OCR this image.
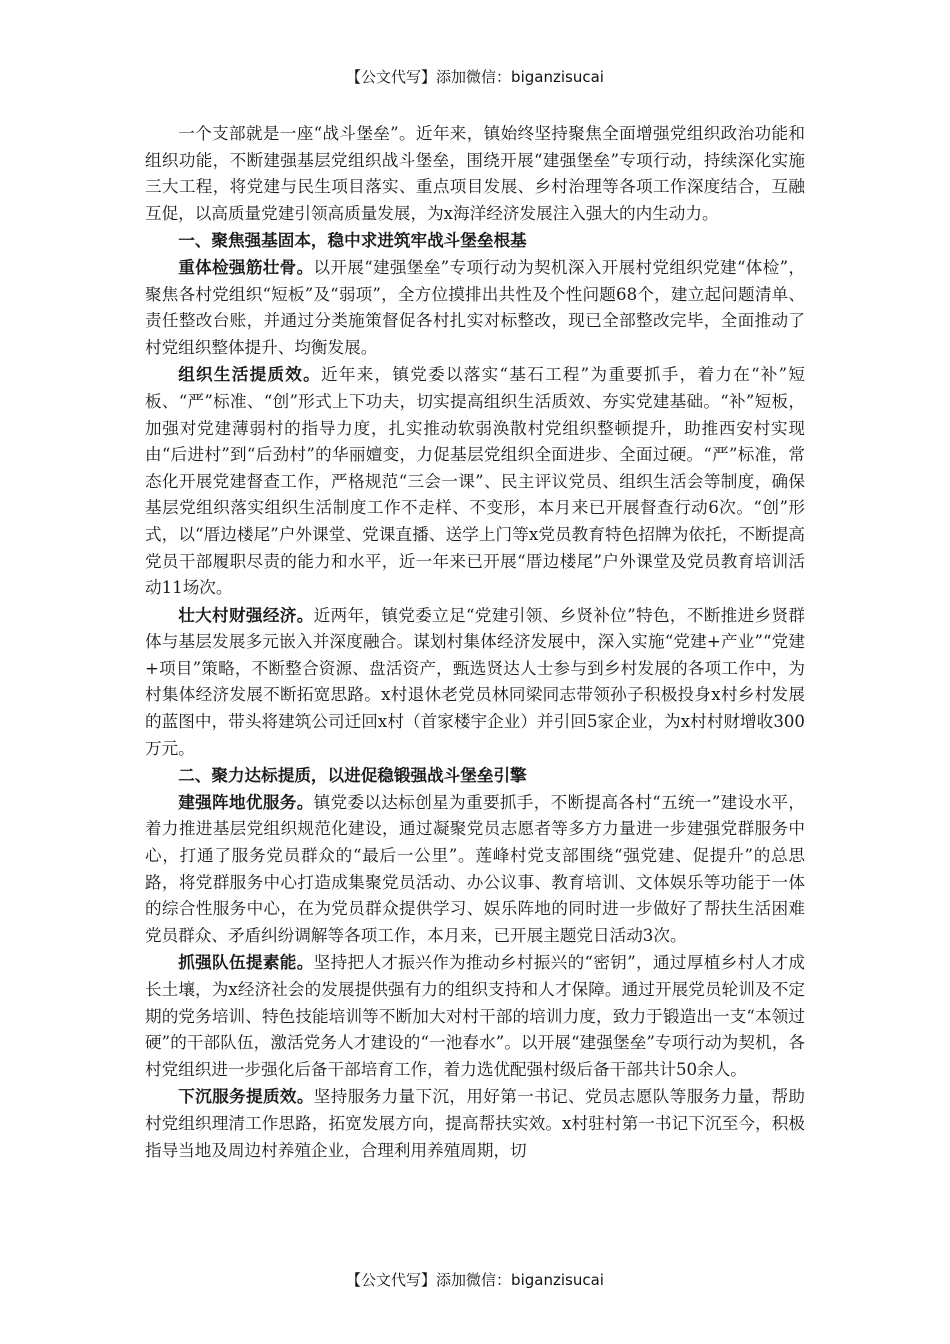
【公文代写】添加微信：biganzisucai

一个支部就是一座“战斗堡垒”。近年来，镇始终坚持聚焦全面增强党组织政治功能和组织功能，不断建强基层党组织战斗堡垒，围绕开展“建强堡垒”专项行动，持续深化实施三大工程，将党建与民生项目落实、重点项目发展、乡村治理等各项工作深度结合，互融互促，以高质量党建引领高质量发展，为x海洋经济发展注入强大的内生动力。

一、聚焦强基固本，稳中求进筑牢战斗堡垒根基

重体检强筋壮骨。以开展“建强堡垒”专项行动为契机深入开展村党组织党建“体检”，聚焦各村党组织“短板”及“弱项”，全方位摸排出共性及个性问题68个，建立起问题清单、责任整改台账，并通过分类施策督促各村扎实对标整改，现已全部整改完毕，全面推动了村党组织整体提升、均衡发展。

组织生活提质效。近年来，镇党委以落实“基石工程”为重要抓手，着力在“补”短板、“严”标准、“创”形式上下功夫，切实提高组织生活质效、夯实党建基础。“补”短板，加强对党建薄弱村的指导力度，扎实推动软弱涣散村党组织整顿提升，助推西安村实现由“后进村”到“后劲村”的华丽嬗变，力促基层党组织全面进步、全面过硬。“严”标准，常态化开展党建督查工作，严格规范“三会一课”、民主评议党员、组织生活会等制度，确保基层党组织落实组织生活制度工作不走样、不变形，本月来已开展督查行动6次。“创”形式，以“厝边楼尾”户外课堂、党课直播、送学上门等x党员教育特色招牌为依托，不断提高党员干部履职尽责的能力和水平，近一年来已开展“厝边楼尾”户外课堂及党员教育培训活动11场次。

壮大村财强经济。近两年，镇党委立足“党建引领、乡贤补位”特色，不断推进乡贤群体与基层发展多元嵌入并深度融合。谋划村集体经济发展中，深入实施“党建+产业”“党建+项目”策略，不断整合资源、盘活资产，甄选贤达人士参与到乡村发展的各项工作中，为村集体经济发展不断拓宽思路。x村退休老党员林同梁同志带领孙子积极投身x村乡村发展的蓝图中，带头将建筑公司迁回x村（首家楼宇企业）并引回5家企业，为x村村财增收300万元。

二、聚力达标提质，以进促稳锻强战斗堡垒引擎

建强阵地优服务。镇党委以达标创星为重要抓手，不断提高各村“五统一”建设水平，着力推进基层党组织规范化建设，通过凝聚党员志愿者等多方力量进一步建强党群服务中心，打通了服务党员群众的“最后一公里”。莲峰村党支部围绕“强党建、促提升”的总思路，将党群服务中心打造成集聚党员活动、办公议事、教育培训、文体娱乐等功能于一体的综合性服务中心，在为党员群众提供学习、娱乐阵地的同时进一步做好了帮扶生活困难党员群众、矛盾纠纷调解等各项工作，本月来，已开展主题党日活动3次。

抓强队伍提素能。坚持把人才振兴作为推动乡村振兴的“密钥”，通过厚植乡村人才成长土壤，为x经济社会的发展提供强有力的组织支持和人才保障。通过开展党员轮训及不定期的党务培训、特色技能培训等不断加大对村干部的培训力度，致力于锻造出一支“本领过硬”的干部队伍，激活党务人才建设的“一池春水”。以开展“建强堡垒”专项行动为契机，各村党组织进一步强化后备干部培育工作，着力选优配强村级后备干部共计50余人。

下沉服务提质效。坚持服务力量下沉，用好第一书记、党员志愿队等服务力量，帮助村党组织理清工作思路，拓宽发展方向，提高帮扶实效。x村驻村第一书记下沉至今，积极指导当地及周边村养殖企业，合理利用养殖周期，切

【公文代写】添加微信：biganzisucai
